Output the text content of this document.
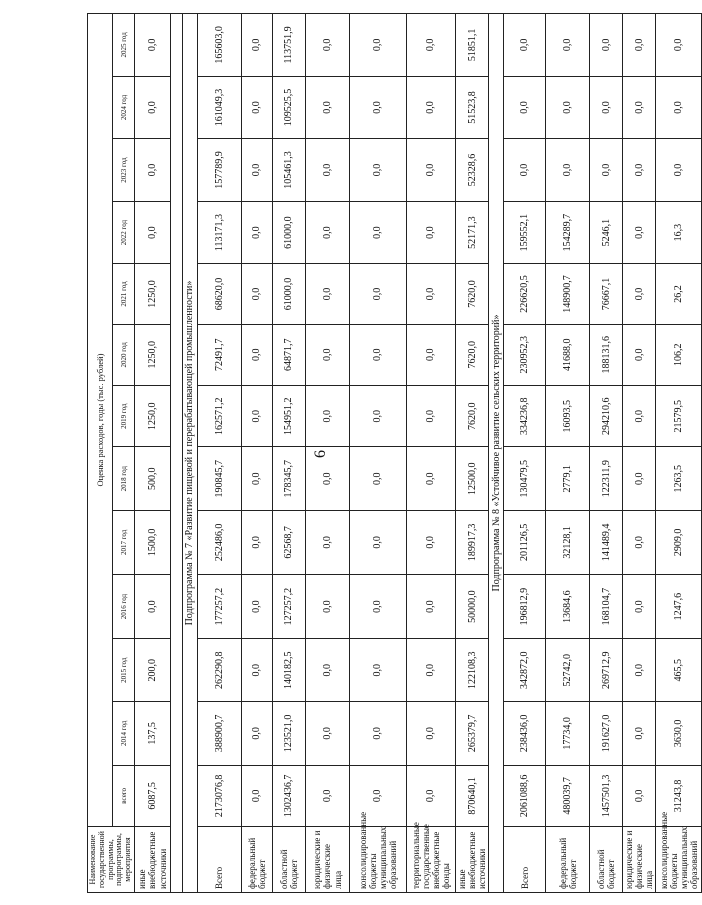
6
Наименование государственной программы, подпрограммы, мероприятия	Оценка расходов, годы (тыс. рублей)												
	всего	2014 год	2015 год	2016 год	2017 год	2018 год	2019 год	2020 год	2021 год	2022 год	2023 год	2024 год	2025 год
иные внебюджетные источники	6087,5	137,5	200,0	0,0	1500,0	500,0	1250,0	1250,0	1250,0	0,0	0,0	0,0	0,0

Подпрограмма № 7 «Развитие пищевой и перерабатывающей промышленности»													
Всего	2173076,8	388900,7	262290,8	177257,2	252486,0	190845,7	162571,2	72491,7	68620,0	113171,3	157789,9	161049,3	165603,0
федеральный бюджет	0,0	0,0	0,0	0,0	0,0	0,0	0,0	0,0	0,0	0,0	0,0	0,0	0,0
областной бюджет	1302436,7	123521,0	140182,5	127257,2	62568,7	178345,7	154951,2	64871,7	61000,0	61000,0	105461,3	109525,5	113751,9
юридические и физические лица	0,0	0,0	0,0	0,0	0,0	0,0	0,0	0,0	0,0	0,0	0,0	0,0	0,0
консолидированные бюджеты муниципальных образований	0,0	0,0	0,0	0,0	0,0	0,0	0,0	0,0	0,0	0,0	0,0	0,0	0,0
территориальные государственные внебюджетные фонды	0,0	0,0	0,0	0,0	0,0	0,0	0,0	0,0	0,0	0,0	0,0	0,0	0,0
иные внебюджетные источники	870640,1	265379,7	122108,3	50000,0	189917,3	12500,0	7620,0	7620,0	7620,0	52171,3	52328,6	51523,8	51851,1
Подпрограмма № 8 «Устойчивое развитие сельских территорий»													
Всего	2061088,6	238436,0	342872,0	196812,9	201126,5	130479,5	334236,8	230952,3	226620,5	159552,1	0,0	0,0	0,0
федеральный бюджет	480039,7	17734,0	52742,0	13684,6	32128,1	2779,1	16093,5	41688,0	148900,7	154289,7	0,0	0,0	0,0
областной бюджет	1457501,3	191627,0	269712,9	168104,7	141489,4	122311,9	294210,6	188131,6	76667,1	5246,1	0,0	0,0	0,0
юридические и физические лица	0,0	0,0	0,0	0,0	0,0	0,0	0,0	0,0	0,0	0,0	0,0	0,0	0,0
консолидированные бюджеты муниципальных образований	31243,8	3630,0	465,5	1247,6	2909,0	1263,5	21579,5	106,2	26,2	16,3	0,0	0,0	0,0
